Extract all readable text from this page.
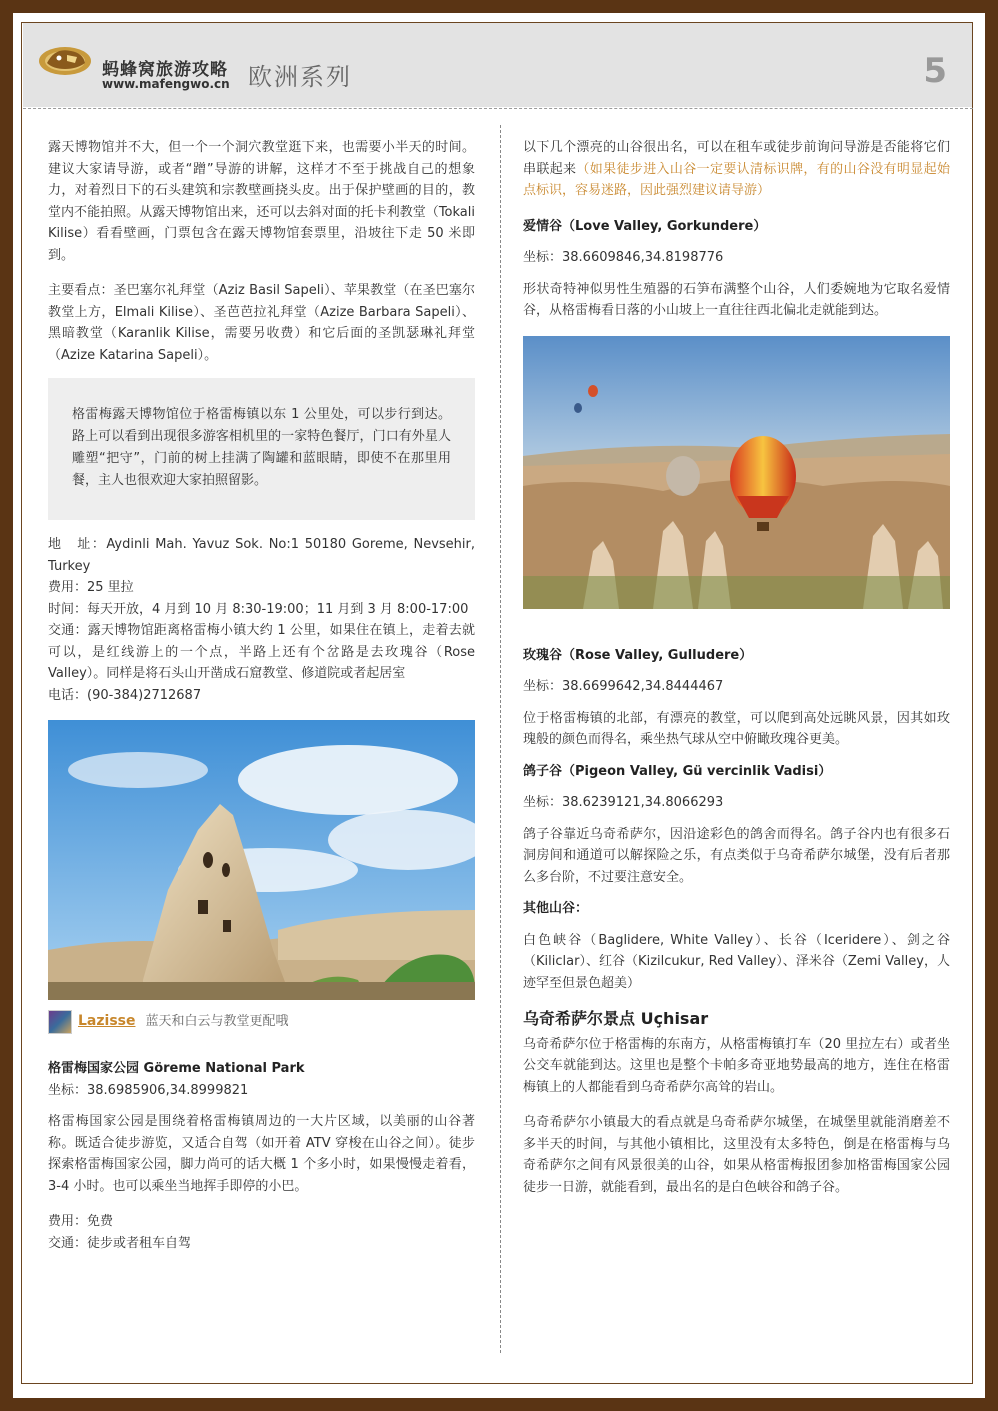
蚂蜂窝旅游攻略
www.mafengwo.cn 欧洲系列	5

露天博物馆并不大，但一个一个洞穴教堂逛下来，也需要小半天的时间。建议大家请导游，或者“蹭”导游的讲解，这样才不至于挑战自己的想象力，对着烈日下的石头建筑和宗教壁画挠头皮。出于保护壁画的目的，教堂内不能拍照。从露天博物馆出来，还可以去斜对面的托卡利教堂（Tokali Kilise）看看壁画，门票包含在露天博物馆套票里，沿坡往下走 50 米即到。

主要看点：圣巴塞尔礼拜堂（Aziz Basil Sapeli）、苹果教堂（在圣巴塞尔教堂上方，Elmali Kilise）、圣芭芭拉礼拜堂（Azize Barbara Sapeli）、黑暗教堂（Karanlik Kilise，需要另收费）和它后面的圣凯瑟琳礼拜堂（Azize Katarina Sapeli）。

格雷梅露天博物馆位于格雷梅镇以东 1 公里处，可以步行到达。路上可以看到出现很多游客相机里的一家特色餐厅，门口有外星人雕塑“把守”，门前的树上挂满了陶罐和蓝眼睛，即使不在那里用餐，主人也很欢迎大家拍照留影。

地　址：Aydinli Mah. Yavuz Sok. No:1 50180 Goreme, Nevsehir, Turkey

费用：25 里拉

时间：每天开放，4 月到 10 月 8:30-19:00；11 月到 3 月 8:00-17:00

交通：露天博物馆距离格雷梅小镇大约 1 公里，如果住在镇上，走着去就可以，是红线游上的一个点，半路上还有个岔路是去玫瑰谷（Rose Valley）。同样是将石头山开凿成石窟教堂、修道院或者起居室

电话：(90-384)2712687

Lazisse 蓝天和白云与教堂更配哦

格雷梅国家公园 Göreme National Park

坐标：38.6985906,34.8999821

格雷梅国家公园是围绕着格雷梅镇周边的一大片区域，以美丽的山谷著称。既适合徒步游览，又适合自驾（如开着 ATV 穿梭在山谷之间）。徒步探索格雷梅国家公园，脚力尚可的话大概 1 个多小时，如果慢慢走着看，3-4 小时。也可以乘坐当地挥手即停的小巴。

费用：免费

交通：徒步或者租车自驾

以下几个漂亮的山谷很出名，可以在租车或徒步前询问导游是否能将它们串联起来（如果徒步进入山谷一定要认清标识牌，有的山谷没有明显起始点标识，容易迷路，因此强烈建议请导游）

爱情谷（Love Valley, Gorkundere）

坐标：38.6609846,34.8198776

形状奇特神似男性生殖器的石笋布满整个山谷，人们委婉地为它取名爱情谷，从格雷梅看日落的小山坡上一直往往西北偏北走就能到达。

玫瑰谷（Rose Valley, Gulludere）

坐标：38.6699642,34.8444467

位于格雷梅镇的北部，有漂亮的教堂，可以爬到高处远眺风景，因其如玫瑰般的颜色而得名，乘坐热气球从空中俯瞰玫瑰谷更美。

鸽子谷（Pigeon Valley, Gü vercinlik Vadisi）

坐标：38.6239121,34.8066293

鸽子谷靠近乌奇希萨尔，因沿途彩色的鸽舍而得名。鸽子谷内也有很多石洞房间和通道可以解探险之乐，有点类似于乌奇希萨尔城堡，没有后者那么多台阶，不过要注意安全。

其他山谷：

白色峡谷（Baglidere, White Valley）、长谷（Iceridere）、剑之谷（Kiliclar）、红谷（Kizilcukur, Red Valley）、泽米谷（Zemi Valley，人迹罕至但景色超美）

乌奇希萨尔景点 Uçhisar

乌奇希萨尔位于格雷梅的东南方，从格雷梅镇打车（20 里拉左右）或者坐公交车就能到达。这里也是整个卡帕多奇亚地势最高的地方，连住在格雷梅镇上的人都能看到乌奇希萨尔高耸的岩山。

乌奇希萨尔小镇最大的看点就是乌奇希萨尔城堡，在城堡里就能消磨差不多半天的时间，与其他小镇相比，这里没有太多特色，倒是在格雷梅与乌奇希萨尔之间有风景很美的山谷，如果从格雷梅报团参加格雷梅国家公园徒步一日游，就能看到，最出名的是白色峡谷和鸽子谷。
